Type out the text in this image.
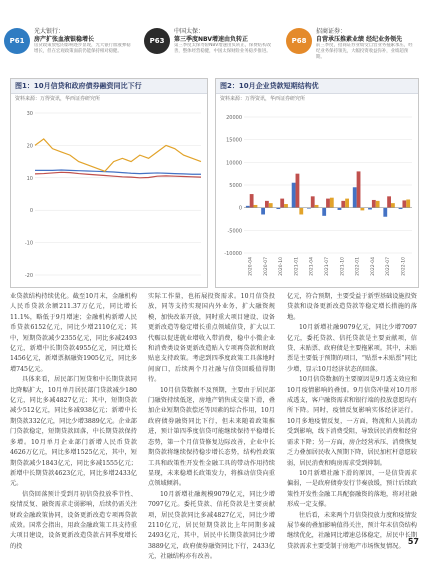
P61
光大银行：
房产扩张血液银稳增长
房贷政策放松的影响逐步显现，光大银行血液弹稳增长，但在宏观政策面前仍能保持相对稳健。
P63
中国太保：
第三季度NBV增速由负转正
第三季度太保寿险NBV增速由负转正，保费结构改善，整体经营稳健，中国太保财险业务稳步推进。
P68
招商证券：
自营承压推素业绩 经纪业务领先
前三季度，招商证券业绩受自营业务拖累承压，经纪业务保持领先，大幅投资收益弥补，业绩超预期。
图1：10月信贷和政府债券融资同比下行
资料来源：万得资讯，华西证券研究所
-20
-10
0
10
20
30
图2：10月企业贷款短期结构优
资料来源：万得资讯，华西证券研究所
-10000
-5000
0
5000
10000
15000
20000
2020-04 2020-07 2020-10 2021-01 2021-04 2021-07 2021-10 2022-01 2022-04 2022-07 2022-10

业贷款结构持续优化。截至10月末，金融机构人民币贷款余额211.37万亿元，同比增长11.1%，略低于9月增速；金融机构新增人民币贷款6152亿元，同比少增2110亿元；其中，短期贷款减少2355亿元，同比多减2493亿元，新增中长期贷款4955亿元，同比增长1456亿元，新增票据融资1905亿元，同比多增745亿元。

具体来看，居民部门短贷和中长期贷款同比降幅扩大，10月单月居民部门贷款减少180亿元，同比多减4827亿元；其中，短期贷款减少512亿元，同比多减938亿元；新增中长期贷款332亿元，同比少增3889亿元。企业部门贷款稳定，短期贷款回落，中长期贷款保持多增。10月单月企业部门新增人民币贷款4626万亿元，同比多增1525亿元，其中，短期贷款减少1843亿元，同比多减1555亿元；新增中长期贷款4623亿元，同比多增2433亿元。

信贷回落预计受到月初信贷投放季节性、疫情反复、融资需求走弱影响，后续仍需关注财政金融政策协同，设备更新改造专项再贷款成效。国常会指出，用政金融政策工具支持重大项目建设，设备更新改造贷款占同季度增长的投

实际工作量，也拓展投资需求。10月信贷投放，同等支持实现国内外业务，扩大融资规模，加快改革开放，同时重大项目建设、设备更新改造等稳定增长重点领域信贷，扩大以工代赈以促进就业增收入带消费，稳中小微企业和消费类设备更新改造贴入专项再贷款和财政贴息支持政策。考虑到四季度政策工具落地时间窗口，后续两个月社融与信贷回暖值得期待。

10月信贷数据不及预期，主要由于居民部门融资持续低迷，房地产销售成交量下滑，叠加企业短期贷款偿还等因素的综合作用，10月政府债券融资同比下行，但未来随着政策推进，预计第四季度信贷可能继续保持平稳增长态势，第一个月信贷修复边际改善，企业中长期贷款将继续保持稳步增长态势，结构性政策工具和政策性开发性金融工具的带动作用持续显现，未来稳增长政策发力，将推动信贷向重点领域倾斜。

10月新增社融规模9079亿元，同比少增7097亿元。委托贷款、信托贷款是主要贡献项，居民贷款同比多减4827亿元，同比少增2110亿元，居民短期贷款比上年同期多减2493亿元，其中，居民中长期贷款同比少增3889亿元，政府债券融资同比下行，2433亿元，社融结构亦有改善。

亿元，符合预期，主要受益于新型基础设施投资贷款和设备更新改造贷款等稳定增长措施的落地。

10月新增社融9079亿元，同比少增7097亿元，委托贷款、信托贷款是主要贡献项，信贷、未贴票、政府债是主要拖累项。其中，未贴票是主要低于预期的项目，“贴票+未贴票”同比少增，显示10月经济状态的回落。

10月信贷数据的主要原因是9月透支效应和10月疫情影响的叠加。9月信贷冲量对10月形成透支，客户融资需求和银行端的投放意愿均有所下降。同时，疫情反复影响实体经济运行。10月多地疫情反复，一方面，物流和人员流动受到影响，线下消费受阻，导致居民消费和经营需求下降；另一方面，房企经营承压、消费恢复乏力叠加居民收入预期下降，居民加杠杆意愿较弱，居民消费和购房需求受到抑制。

10月新增社融下滑的原因，一是信贷需求偏弱，一是政府债券发行节奏放缓，预计后续政策性开发性金融工具配套融资的落地，将对社融形成一定支撑。

往后看，未来两个月信贷投放力度和疫情发展节奏的叠加影响值得关注，预计年末信贷结构继续优化，社融同比增速总体稳定，居民中长期贷款需求主要受制于房地产市场恢复情况。

57
